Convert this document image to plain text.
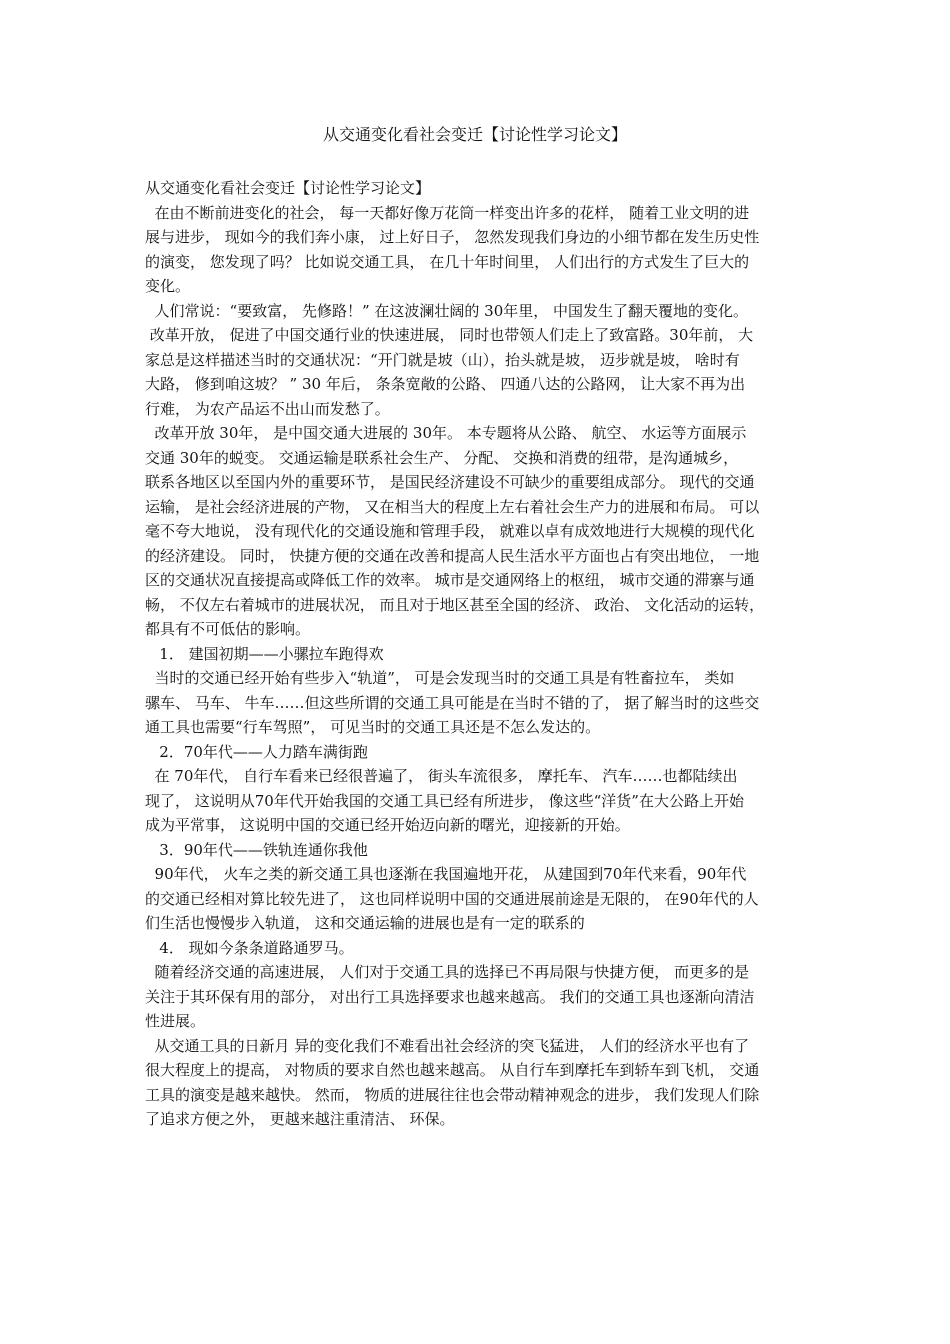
从交通变化看社会变迁【讨论性学习论文】
从交通变化看社会变迁【讨论性学习论文】
在由不断前进变化的社会， 每一天都好像万花筒一样变出许多的花样， 随着工业文明的进
展与进步， 现如今的我们奔小康， 过上好日子， 忽然发现我们身边的小细节都在发生历史性
的演变， 您发现了吗？ 比如说交通工具， 在几十年时间里， 人们出行的方式发生了巨大的
变化。
人们常说：“要致富， 先修路！” 在这波澜壮阔的 30年里， 中国发生了翻天覆地的变化。
改革开放， 促进了中国交通行业的快速进展， 同时也带领人们走上了致富路。30年前， 大
家总是这样描述当时的交通状况：“开门就是坡（山），抬头就是坡， 迈步就是坡， 啥时有
大路， 修到咱这坡？ ” 30 年后， 条条宽敞的公路、 四通八达的公路网， 让大家不再为出
行难， 为农产品运不出山而发愁了。
改革开放 30年， 是中国交通大进展的 30年。 本专题将从公路、 航空、 水运等方面展示
交通 30年的蜕变。 交通运输是联系社会生产、 分配、 交换和消费的纽带，是沟通城乡，
联系各地区以至国内外的重要环节， 是国民经济建设不可缺少的重要组成部分。 现代的交通
运输， 是社会经济进展的产物， 又在相当大的程度上左右着社会生产力的进展和布局。 可以
毫不夸大地说， 没有现代化的交通设施和管理手段， 就难以卓有成效地进行大规模的现代化
的经济建设。 同时， 快捷方便的交通在改善和提高人民生活水平方面也占有突出地位， 一地
区的交通状况直接提高或降低工作的效率。 城市是交通网络上的枢纽， 城市交通的滞寨与通
畅， 不仅左右着城市的进展状况， 而且对于地区甚至全国的经济、 政治、 文化活动的运转，
都具有不可低估的影响。
1． 建国初期——小骡拉车跑得欢
当时的交通已经开始有些步入“轨道”， 可是会发现当时的交通工具是有牲畜拉车， 类如
骡车、 马车、 牛车……但这些所谓的交通工具可能是在当时不错的了， 据了解当时的这些交
通工具也需要“行车驾照”， 可见当时的交通工具还是不怎么发达的。
2．70年代——人力踏车满街跑
在 70年代， 自行车看来已经很普遍了， 街头车流很多， 摩托车、 汽车……也都陆续出
现了， 这说明从70年代开始我国的交通工具已经有所进步， 像这些“洋货”在大公路上开始
成为平常事， 这说明中国的交通已经开始迈向新的曙光，迎接新的开始。
3．90年代——铁轨连通你我他
90年代， 火车之类的新交通工具也逐渐在我国遍地开花， 从建国到70年代来看，90年代
的交通已经相对算比较先进了， 这也同样说明中国的交通进展前途是无限的， 在90年代的人
们生活也慢慢步入轨道， 这和交通运输的进展也是有一定的联系的
4． 现如今条条道路通罗马。
随着经济交通的高速进展， 人们对于交通工具的选择已不再局限与快捷方便， 而更多的是
关注于其环保有用的部分， 对出行工具选择要求也越来越高。 我们的交通工具也逐渐向清洁
性进展。
从交通工具的日新月 异的变化我们不难看出社会经济的突飞猛进， 人们的经济水平也有了
很大程度上的提高， 对物质的要求自然也越来越高。 从自行车到摩托车到轿车到飞机， 交通
工具的演变是越来越快。 然而， 物质的进展往往也会带动精神观念的进步， 我们发现人们除
了追求方便之外， 更越来越注重清洁、 环保。
